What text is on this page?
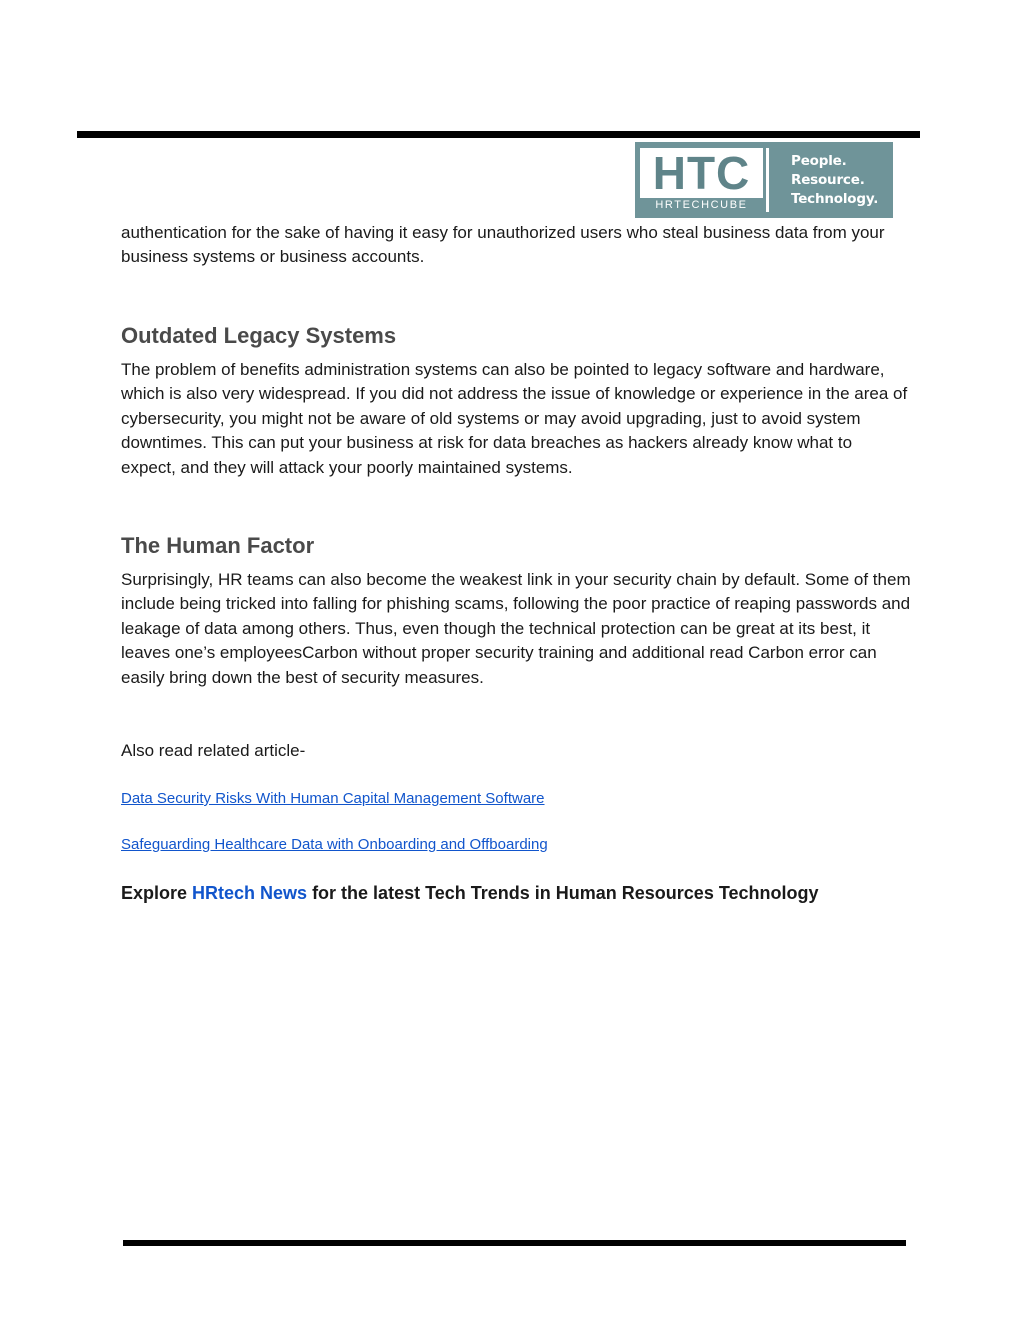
HTC
HRTECHCUBE
People.
Resource.
Technology.

authentication for the sake of having it easy for unauthorized users who steal business data from your business systems or business accounts.

Outdated Legacy Systems

The problem of benefits administration systems can also be pointed to legacy software and hardware, which is also very widespread. If you did not address the issue of knowledge or experience in the area of cybersecurity, you might not be aware of old systems or may avoid upgrading, just to avoid system downtimes. This can put your business at risk for data breaches as hackers already know what to expect, and they will attack your poorly maintained systems.

The Human Factor

Surprisingly, HR teams can also become the weakest link in your security chain by default. Some of them include being tricked into falling for phishing scams, following the poor practice of reaping passwords and leakage of data among others. Thus, even though the technical protection can be great at its best, it leaves one’s employeesCarbon without proper security training and additional read Carbon error can easily bring down the best of security measures.

Also read related article-

Data Security Risks With Human Capital Management Software
Safeguarding Healthcare Data with Onboarding and Offboarding

Explore HRtech News for the latest Tech Trends in Human Resources Technology
